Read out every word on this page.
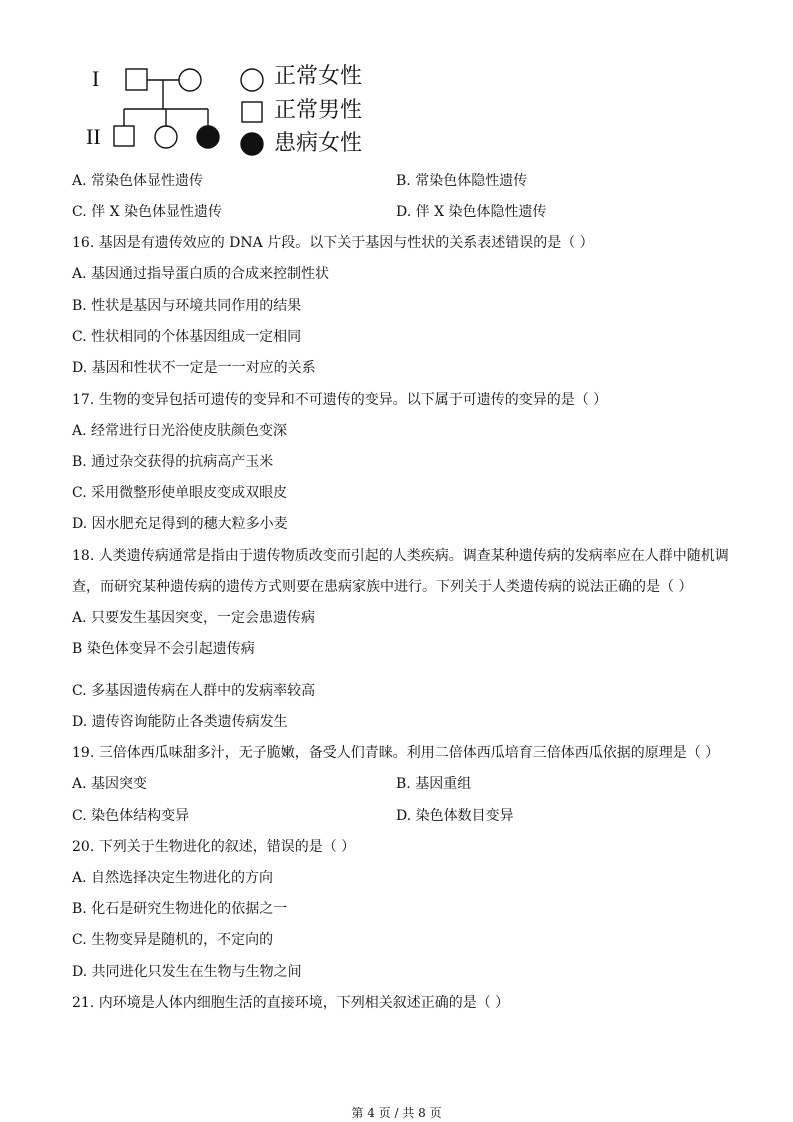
I
II
正常女性
正常男性
患病女性
A. 常染色体显性遗传	B. 常染色体隐性遗传
C. 伴 X 染色体显性遗传	D. 伴 X 染色体隐性遗传
16. 基因是有遗传效应的 DNA 片段。以下关于基因与性状的关系表述错误的是（ ）
A. 基因通过指导蛋白质的合成来控制性状
B. 性状是基因与环境共同作用的结果
C. 性状相同的个体基因组成一定相同
D. 基因和性状不一定是一一对应的关系
17. 生物的变异包括可遗传的变异和不可遗传的变异。以下属于可遗传的变异的是（ ）
A. 经常进行日光浴使皮肤颜色变深
B. 通过杂交获得的抗病高产玉米
C. 采用微整形使单眼皮变成双眼皮
D. 因水肥充足得到的穗大粒多小麦
18. 人类遗传病通常是指由于遗传物质改变而引起的人类疾病。调查某种遗传病的发病率应在人群中随机调
查，而研究某种遗传病的遗传方式则要在患病家族中进行。下列关于人类遗传病的说法正确的是（ ）
A. 只要发生基因突变，一定会患遗传病
B 染色体变异不会引起遗传病
C. 多基因遗传病在人群中的发病率较高
D. 遗传咨询能防止各类遗传病发生
19. 三倍体西瓜味甜多汁，无子脆嫩，备受人们青睐。利用二倍体西瓜培育三倍体西瓜依据的原理是（ ）
A. 基因突变	B. 基因重组
C. 染色体结构变异	D. 染色体数目变异
20. 下列关于生物进化的叙述，错误的是（ ）
A. 自然选择决定生物进化的方向
B. 化石是研究生物进化的依据之一
C. 生物变异是随机的，不定向的
D. 共同进化只发生在生物与生物之间
21. 内环境是人体内细胞生活的直接环境，下列相关叙述正确的是（ ）
第 4 页 / 共 8 页
